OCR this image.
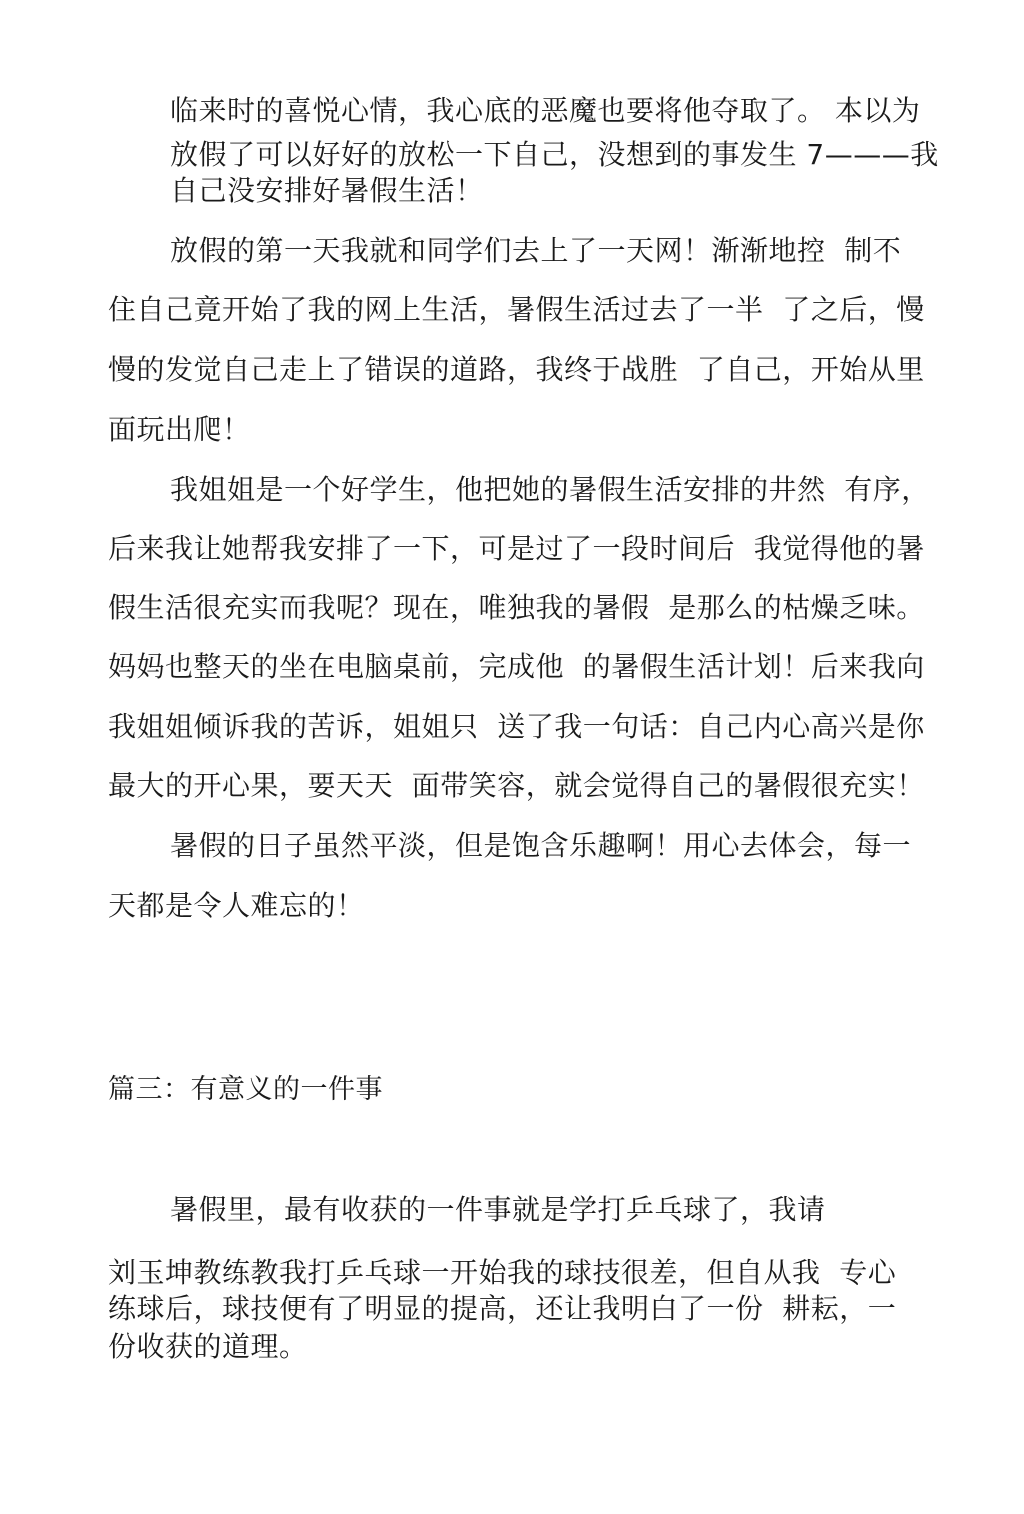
临来时的喜悦心情，我心底的恶魔也要将他夺取了。 本以为
放假了可以好好的放松一下自己，没想到的事发生 7———我
自己没安排好暑假生活！
放假的第一天我就和同学们去上了一天网！渐渐地控  制不
住自己竟开始了我的网上生活，暑假生活过去了一半  了之后，慢
慢的发觉自己走上了错误的道路，我终于战胜  了自己，开始从里
面玩出爬！
我姐姐是一个好学生，他把她的暑假生活安排的井然  有序，
后来我让她帮我安排了一下，可是过了一段时间后  我觉得他的暑
假生活很充实而我呢？现在，唯独我的暑假  是那么的枯燥乏味。
妈妈也整天的坐在电脑桌前，完成他  的暑假生活计划！后来我向
我姐姐倾诉我的苦诉，姐姐只  送了我一句话：自己内心高兴是你
最大的开心果，要天天  面带笑容，就会觉得自己的暑假很充实！
暑假的日子虽然平淡，但是饱含乐趣啊！用心去体会，每一
天都是令人难忘的！
篇三：有意义的一件事
暑假里，最有收获的一件事就是学打乒乓球了，我请
刘玉坤教练教我打乒乓球一开始我的球技很差，但自从我  专心
练球后，球技便有了明显的提高，还让我明白了一份  耕耘，一
份收获的道理。
